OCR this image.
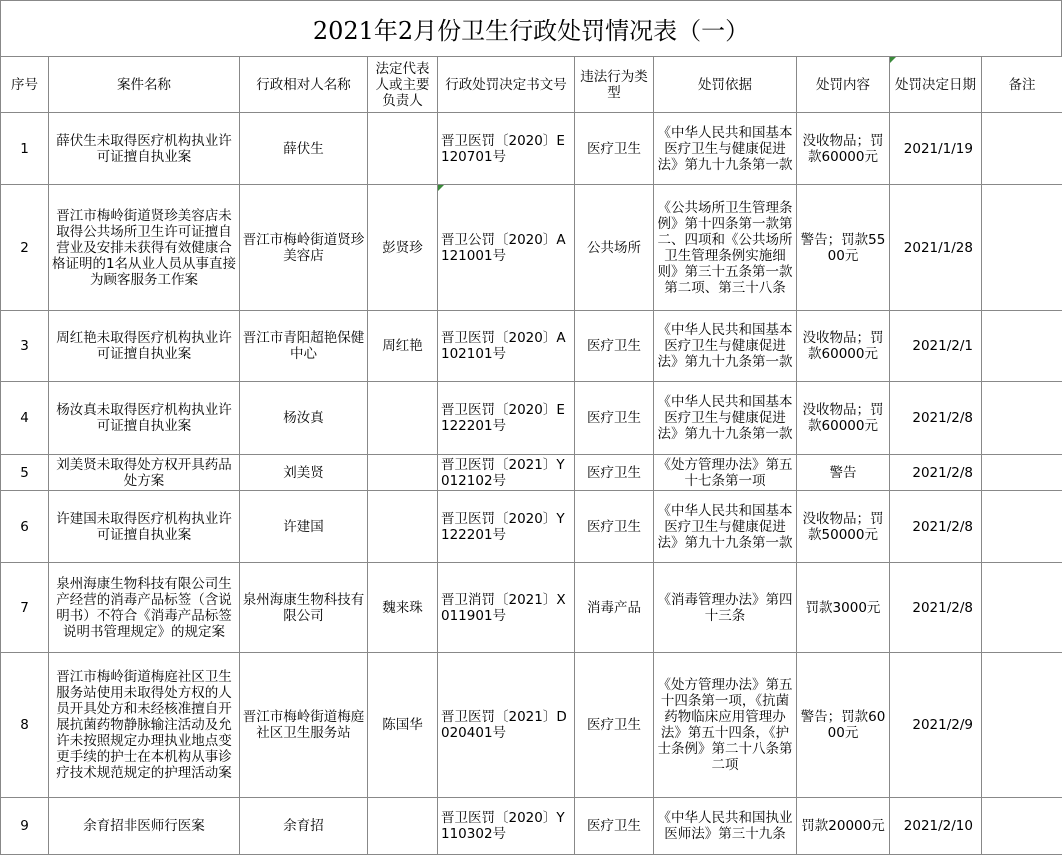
2021年2月份卫生行政处罚情况表（一）
序号	案件名称	行政相对人名称	法定代表人或主要负责人	行政处罚决定书文号	违法行为类型	处罚依据	处罚内容	处罚决定日期	备注
1	薛伏生未取得医疗机构执业许可证擅自执业案	薛伏生		晋卫医罚〔2020〕E120701号	医疗卫生	《中华人民共和国基本医疗卫生与健康促进法》第九十九条第一款	没收物品；罚款60000元	2021/1/19	
2	晋江市梅岭街道贤珍美容店未取得公共场所卫生许可证擅自营业及安排未获得有效健康合格证明的1名从业人员从事直接为顾客服务工作案	晋江市梅岭街道贤珍美容店	彭贤珍	晋卫公罚〔2020〕A121001号	公共场所	《公共场所卫生管理条例》第十四条第一款第二、四项和《公共场所卫生管理条例实施细则》第三十五条第一款第二项、第三十八条	警告；罚款5500元	2021/1/28	
3	周红艳未取得医疗机构执业许可证擅自执业案	晋江市青阳超艳保健中心	周红艳	晋卫医罚〔2020〕A102101号	医疗卫生	《中华人民共和国基本医疗卫生与健康促进法》第九十九条第一款	没收物品；罚款60000元	2021/2/1	
4	杨汝真未取得医疗机构执业许可证擅自执业案	杨汝真		晋卫医罚〔2020〕E122201号	医疗卫生	《中华人民共和国基本医疗卫生与健康促进法》第九十九条第一款	没收物品；罚款60000元	2021/2/8	
5	刘美贤未取得处方权开具药品处方案	刘美贤		晋卫医罚〔2021〕Y012102号	医疗卫生	《处方管理办法》第五十七条第一项	警告	2021/2/8	
6	许建国未取得医疗机构执业许可证擅自执业案	许建国		晋卫医罚〔2020〕Y122201号	医疗卫生	《中华人民共和国基本医疗卫生与健康促进法》第九十九条第一款	没收物品；罚款50000元	2021/2/8	
7	泉州海康生物科技有限公司生产经营的消毒产品标签（含说明书）不符合《消毒产品标签说明书管理规定》的规定案	泉州海康生物科技有限公司	魏来珠	晋卫消罚〔2021〕X011901号	消毒产品	《消毒管理办法》第四十三条	罚款3000元	2021/2/8	
8	晋江市梅岭街道梅庭社区卫生服务站使用未取得处方权的人员开具处方和未经核准擅自开展抗菌药物静脉输注活动及允许未按照规定办理执业地点变更手续的护士在本机构从事诊疗技术规范规定的护理活动案	晋江市梅岭街道梅庭社区卫生服务站	陈国华	晋卫医罚〔2021〕D020401号	医疗卫生	《处方管理办法》第五十四条第一项，《抗菌药物临床应用管理办法》第五十四条，《护士条例》第二十八条第二项	警告；罚款6000元	2021/2/9	
9	余育招非医师行医案	余育招		晋卫医罚〔2020〕Y110302号	医疗卫生	《中华人民共和国执业医师法》第三十九条	罚款20000元	2021/2/10	
